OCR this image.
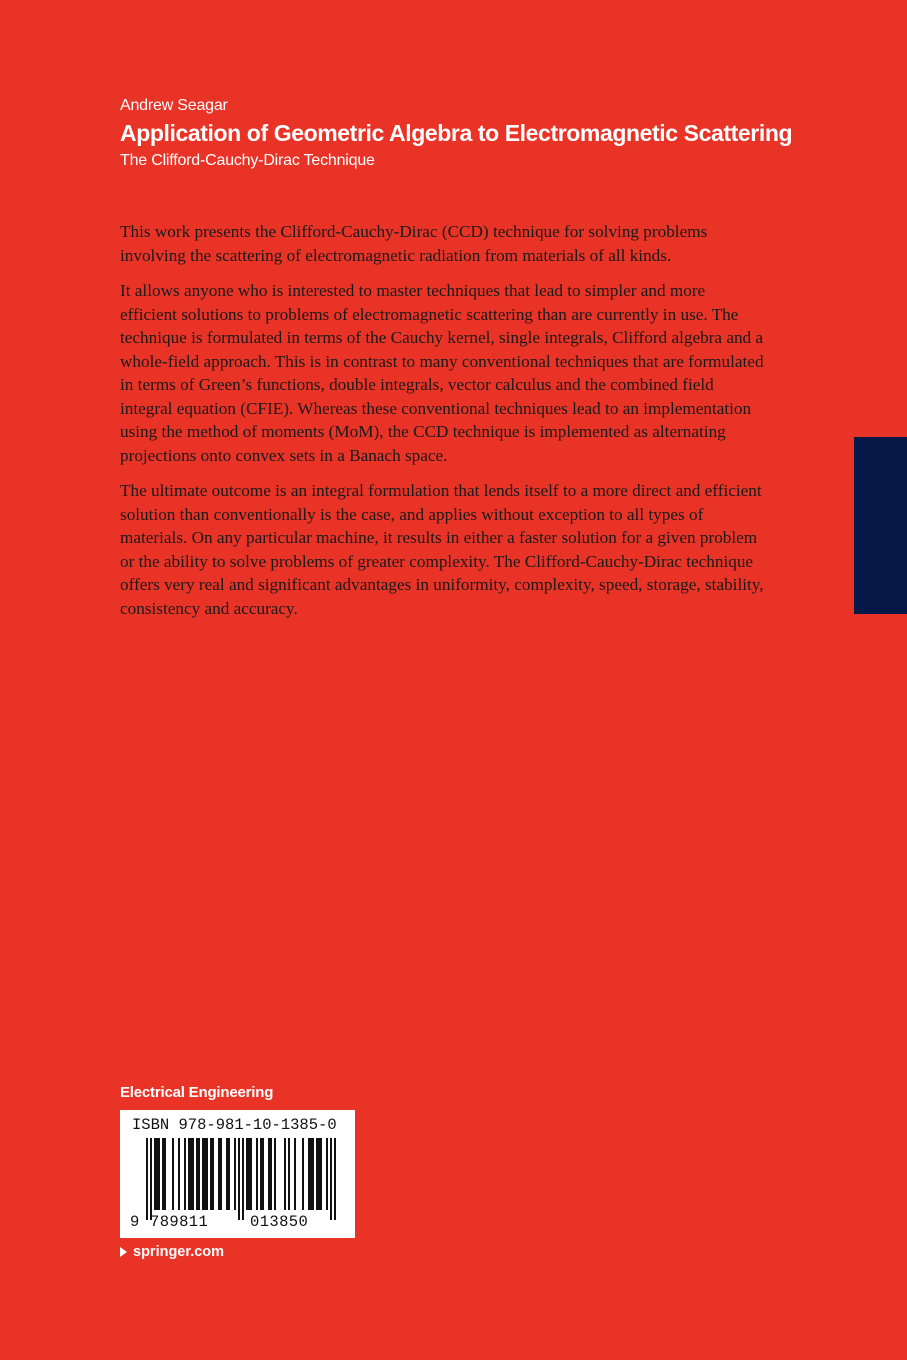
Andrew Seagar

Application of Geometric Algebra to Electromagnetic Scattering

The Clifford-Cauchy-Dirac Technique

This work presents the Clifford-Cauchy-Dirac (CCD) technique for solving problems involving the scattering of electromagnetic radiation from materials of all kinds.

It allows anyone who is interested to master techniques that lead to simpler and more efficient solutions to problems of electromagnetic scattering than are currently in use. The technique is formulated in terms of the Cauchy kernel, single integrals, Clifford algebra and a whole-field approach. This is in contrast to many conventional techniques that are formulated in terms of Green’s functions, double integrals, vector calculus and the combined field integral equation (CFIE). Whereas these conventional techniques lead to an implementation using the method of moments (MoM), the CCD technique is implemented as alternating projections onto convex sets in a Banach space.

The ultimate outcome is an integral formulation that lends itself to a more direct and efficient solution than conventionally is the case, and applies without exception to all types of materials. On any particular machine, it results in either a faster solution for a given problem or the ability to solve problems of greater complexity. The Clifford-Cauchy-Dirac technique offers very real and significant advantages in uniformity, complexity, speed, storage, stability, consistency and accuracy.

Electrical Engineering
ISBN 978-981-10-1385-0
9 789811	013850
springer.com
